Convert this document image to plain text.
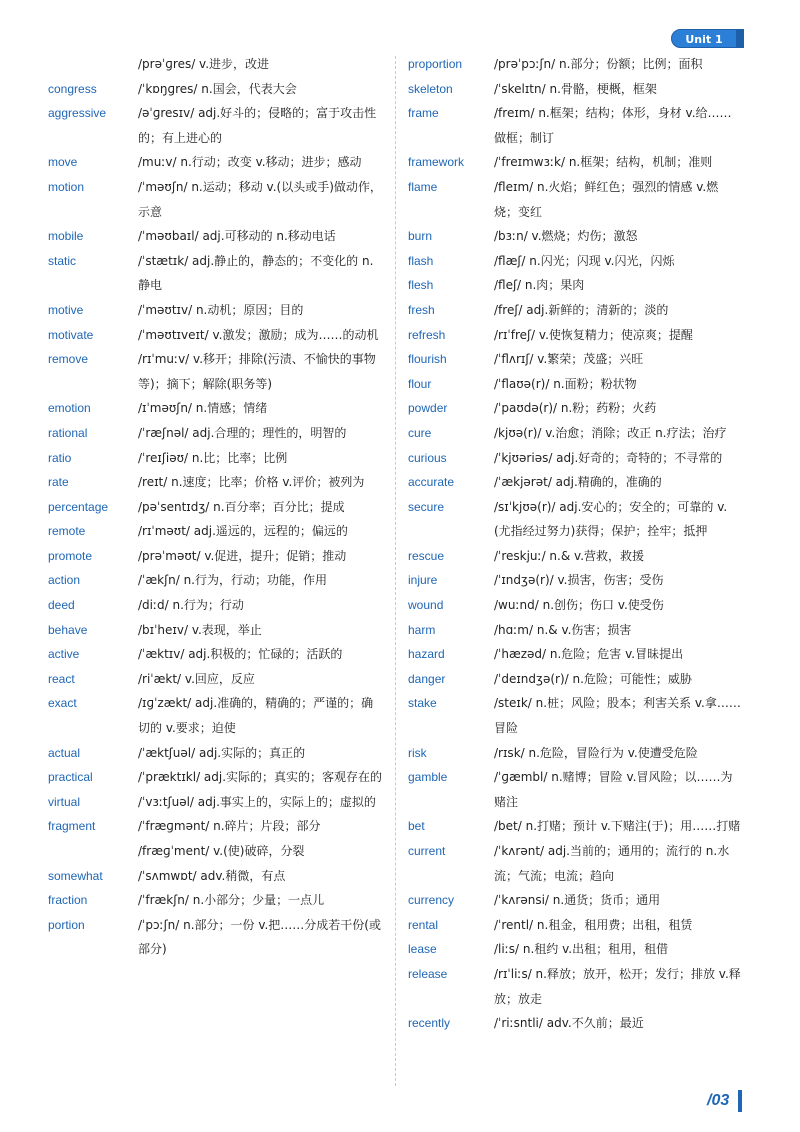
Unit 1
/prəˈɡres/ v.进步，改进
congress	/ˈkɒŋɡres/ n.国会，代表大会
aggressive	/əˈɡresɪv/ adj.好斗的；侵略的；富于攻击性的；有上进心的
move	/muːv/ n.行动；改变 v.移动；进步；感动
motion	/ˈməʊʃn/ n.运动；移动 v.(以头或手)做动作，示意
mobile	/ˈməʊbaɪl/ adj.可移动的 n.移动电话
static	/ˈstætɪk/ adj.静止的，静态的；不变化的 n.静电
motive	/ˈməʊtɪv/ n.动机；原因；目的
motivate	/ˈməʊtɪveɪt/ v.激发；激励；成为……的动机
remove	/rɪˈmuːv/ v.移开；排除(污渍、不愉快的事物等)；摘下；解除(职务等)
emotion	/ɪˈməʊʃn/ n.情感；情绪
rational	/ˈræʃnəl/ adj.合理的；理性的，明智的
ratio	/ˈreɪʃiəʊ/ n.比；比率；比例
rate	/reɪt/ n.速度；比率；价格 v.评价；被列为
percentage /pəˈsentɪdʒ/ n.百分率；百分比；提成
remote	/rɪˈməʊt/ adj.遥远的，远程的；偏远的
promote	/prəˈməʊt/ v.促进，提升；促销；推动
action	/ˈækʃn/ n.行为，行动；功能，作用
deed	/diːd/ n.行为；行动
behave	/bɪˈheɪv/ v.表现，举止
active	/ˈæktɪv/ adj.积极的；忙碌的；活跃的
react	/riˈækt/ v.回应，反应
exact	/ɪɡˈzækt/ adj.准确的，精确的；严谨的；确切的 v.要求；迫使
actual	/ˈæktʃuəl/ adj.实际的；真正的
practical	/ˈpræktɪkl/ adj.实际的；真实的；客观存在的
virtual	/ˈvɜːtʃuəl/ adj.事实上的，实际上的；虚拟的
fragment	/ˈfræɡmənt/ n.碎片；片段；部分
/fræɡˈment/ v.(使)破碎，分裂
somewhat	/ˈsʌmwɒt/ adv.稍微，有点
fraction	/ˈfrækʃn/ n.小部分；少量；一点儿
portion	/ˈpɔːʃn/ n.部分；一份 v.把……分成若干份(或部分)
proportion	/prəˈpɔːʃn/ n.部分；份额；比例；面积
skeleton	/ˈskelɪtn/ n.骨骼，梗概，框架
frame	/freɪm/ n.框架；结构；体形，身材 v.给……做框；制订
framework /ˈfreɪmwɜːk/ n.框架；结构，机制；准则
flame	/fleɪm/ n.火焰；鲜红色；强烈的情感 v.燃烧；变红
burn	/bɜːn/ v.燃烧；灼伤；激怒
flash	/flæʃ/ n.闪光；闪现 v.闪光，闪烁
flesh	/fleʃ/ n.肉；果肉
fresh	/freʃ/ adj.新鲜的；清新的；淡的
refresh	/rɪˈfreʃ/ v.使恢复精力；使凉爽；提醒
flourish	/ˈflʌrɪʃ/ v.繁荣；茂盛；兴旺
flour	/ˈflaʊə(r)/ n.面粉；粉状物
powder	/ˈpaʊdə(r)/ n.粉；药粉；火药
cure	/kjʊə(r)/ v.治愈；消除；改正 n.疗法；治疗
curious	/ˈkjʊəriəs/ adj.好奇的；奇特的；不寻常的
accurate	/ˈækjərət/ adj.精确的，准确的
secure	/sɪˈkjʊə(r)/ adj.安心的；安全的；可靠的 v.(尤指经过努力)获得；保护；拴牢；抵押
rescue	/ˈreskjuː/ n.& v.营救，救援
injure	/ˈɪndʒə(r)/ v.损害，伤害；受伤
wound	/wuːnd/ n.创伤；伤口 v.使受伤
harm	/hɑːm/ n.& v.伤害；损害
hazard	/ˈhæzəd/ n.危险；危害 v.冒昧提出
danger	/ˈdeɪndʒə(r)/ n.危险；可能性；威胁
stake	/steɪk/ n.桩；风险；股本；利害关系 v.拿……冒险
risk	/rɪsk/ n.危险，冒险行为 v.使遭受危险
gamble	/ˈɡæmbl/ n.赌博；冒险 v.冒风险；以……为赌注
bet	/bet/ n.打赌；预计 v.下赌注(于)；用……打赌
current	/ˈkʌrənt/ adj.当前的；通用的；流行的 n.水流；气流；电流；趋向
currency	/ˈkʌrənsi/ n.通货；货币；通用
rental	/ˈrentl/ n.租金，租用费；出租，租赁
lease	/liːs/ n.租约 v.出租；租用，租借
release	/rɪˈliːs/ n.释放；放开，松开；发行；排放 v.释放；放走
recently	/ˈriːsntli/ adv.不久前；最近
/03
